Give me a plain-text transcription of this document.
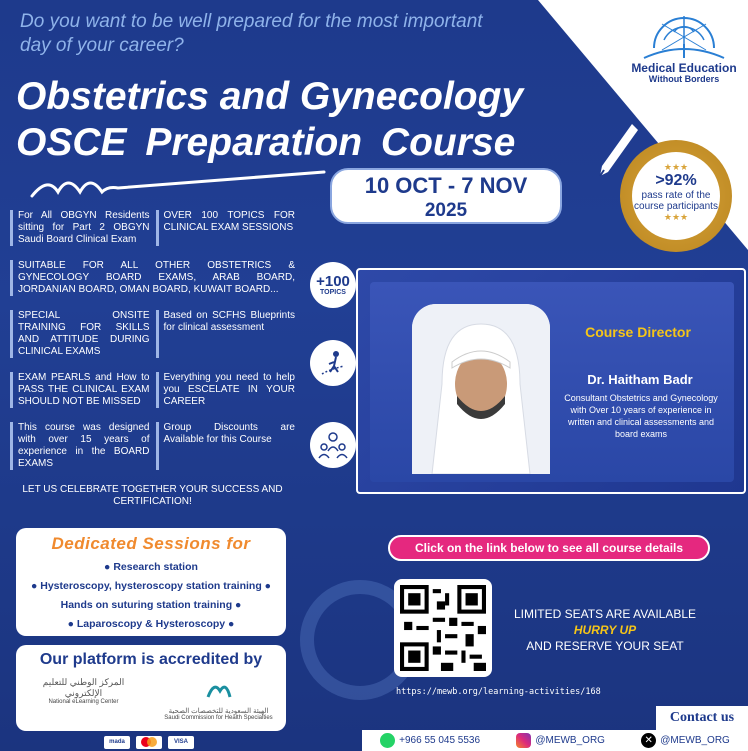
Do you want to be well prepared for the most important day of your career?
Obstetrics and Gynecology
OSCE Preparation Course
Medical Education
Without Borders
10 OCT - 7 NOV
2025
★★★
>92%
pass rate of the course participants
★★★
For All OBGYN Residents sitting for Part 2 OBGYN Saudi Board Clinical Exam
OVER 100 TOPICS FOR CLINICAL EXAM SESSIONS
SUITABLE FOR ALL OTHER OBSTETRICS & GYNECOLOGY BOARD EXAMS, ARAB BOARD, JORDANIAN BOARD, OMAN BOARD, KUWAIT BOARD...
SPECIAL ONSITE TRAINING FOR SKILLS AND ATTITUDE DURING CLINICAL EXAMS
Based on SCFHS Blueprints for clinical assessment
EXAM PEARLS and How to PASS THE CLINICAL EXAM SHOULD NOT BE MISSED
Everything you need to help you ESCELATE IN YOUR CAREER
This course was designed with over 15 years of experience in the BOARD EXAMS
Group Discounts are Available for this Course
LET US CELEBRATE TOGETHER YOUR SUCCESS AND CERTIFICATION!
+100
TOPICS
Course Director
Dr. Haitham Badr
Consultant Obstetrics and Gynecology with Over 10 years of experience in written and clinical assessments and board exams
Dedicated Sessions for
● Research station
● Hysteroscopy, hysteroscopy station training ●
Hands on suturing station training ●
● Laparoscopy & Hysteroscopy ●
Our platform is accredited by
المركز الوطني للتعليم الإلكتروني
National eLearning Center
الهيئة السعودية للتخصصات الصحية
Saudi Commission for Health Specialties
mada	VISA
Click on the link below to see all course details
LIMITED SEATS ARE AVAILABLE
HURRY UP
AND RESERVE YOUR SEAT
https://mewb.org/learning-activities/168
Contact us
+966 55 045 5536	@MEWB_ORG	✕ @MEWB_ORG
